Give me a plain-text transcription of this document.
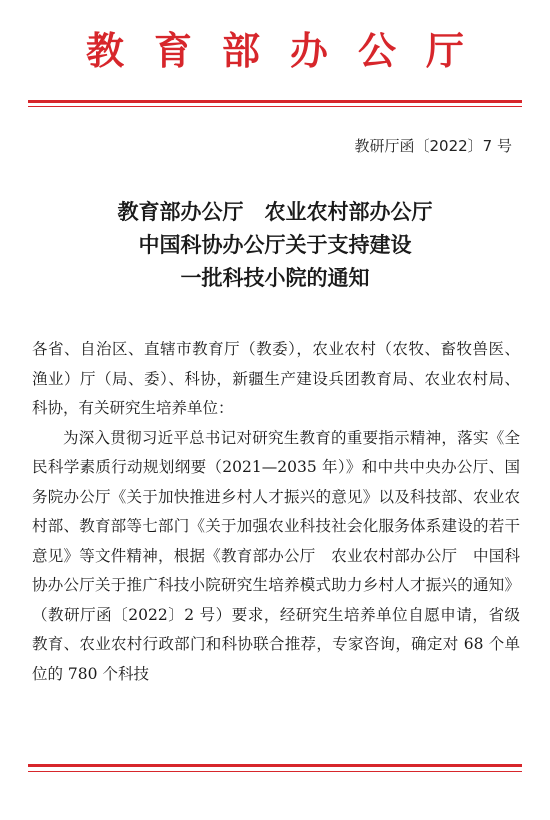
教育部办公厅
教研厅函〔2022〕7 号
教育部办公厅　农业农村部办公厅
中国科协办公厅关于支持建设
一批科技小院的通知

各省、自治区、直辖市教育厅（教委），农业农村（农牧、畜牧兽医、渔业）厅（局、委）、科协，新疆生产建设兵团教育局、农业农村局、科协，有关研究生培养单位：

为深入贯彻习近平总书记对研究生教育的重要指示精神，落实《全民科学素质行动规划纲要（2021—2035 年）》和中共中央办公厅、国务院办公厅《关于加快推进乡村人才振兴的意见》以及科技部、农业农村部、教育部等七部门《关于加强农业科技社会化服务体系建设的若干意见》等文件精神，根据《教育部办公厅　农业农村部办公厅　中国科协办公厅关于推广科技小院研究生培养模式助力乡村人才振兴的通知》（教研厅函〔2022〕2 号）要求，经研究生培养单位自愿申请，省级教育、农业农村行政部门和科协联合推荐，专家咨询，确定对 68 个单位的 780 个科技
